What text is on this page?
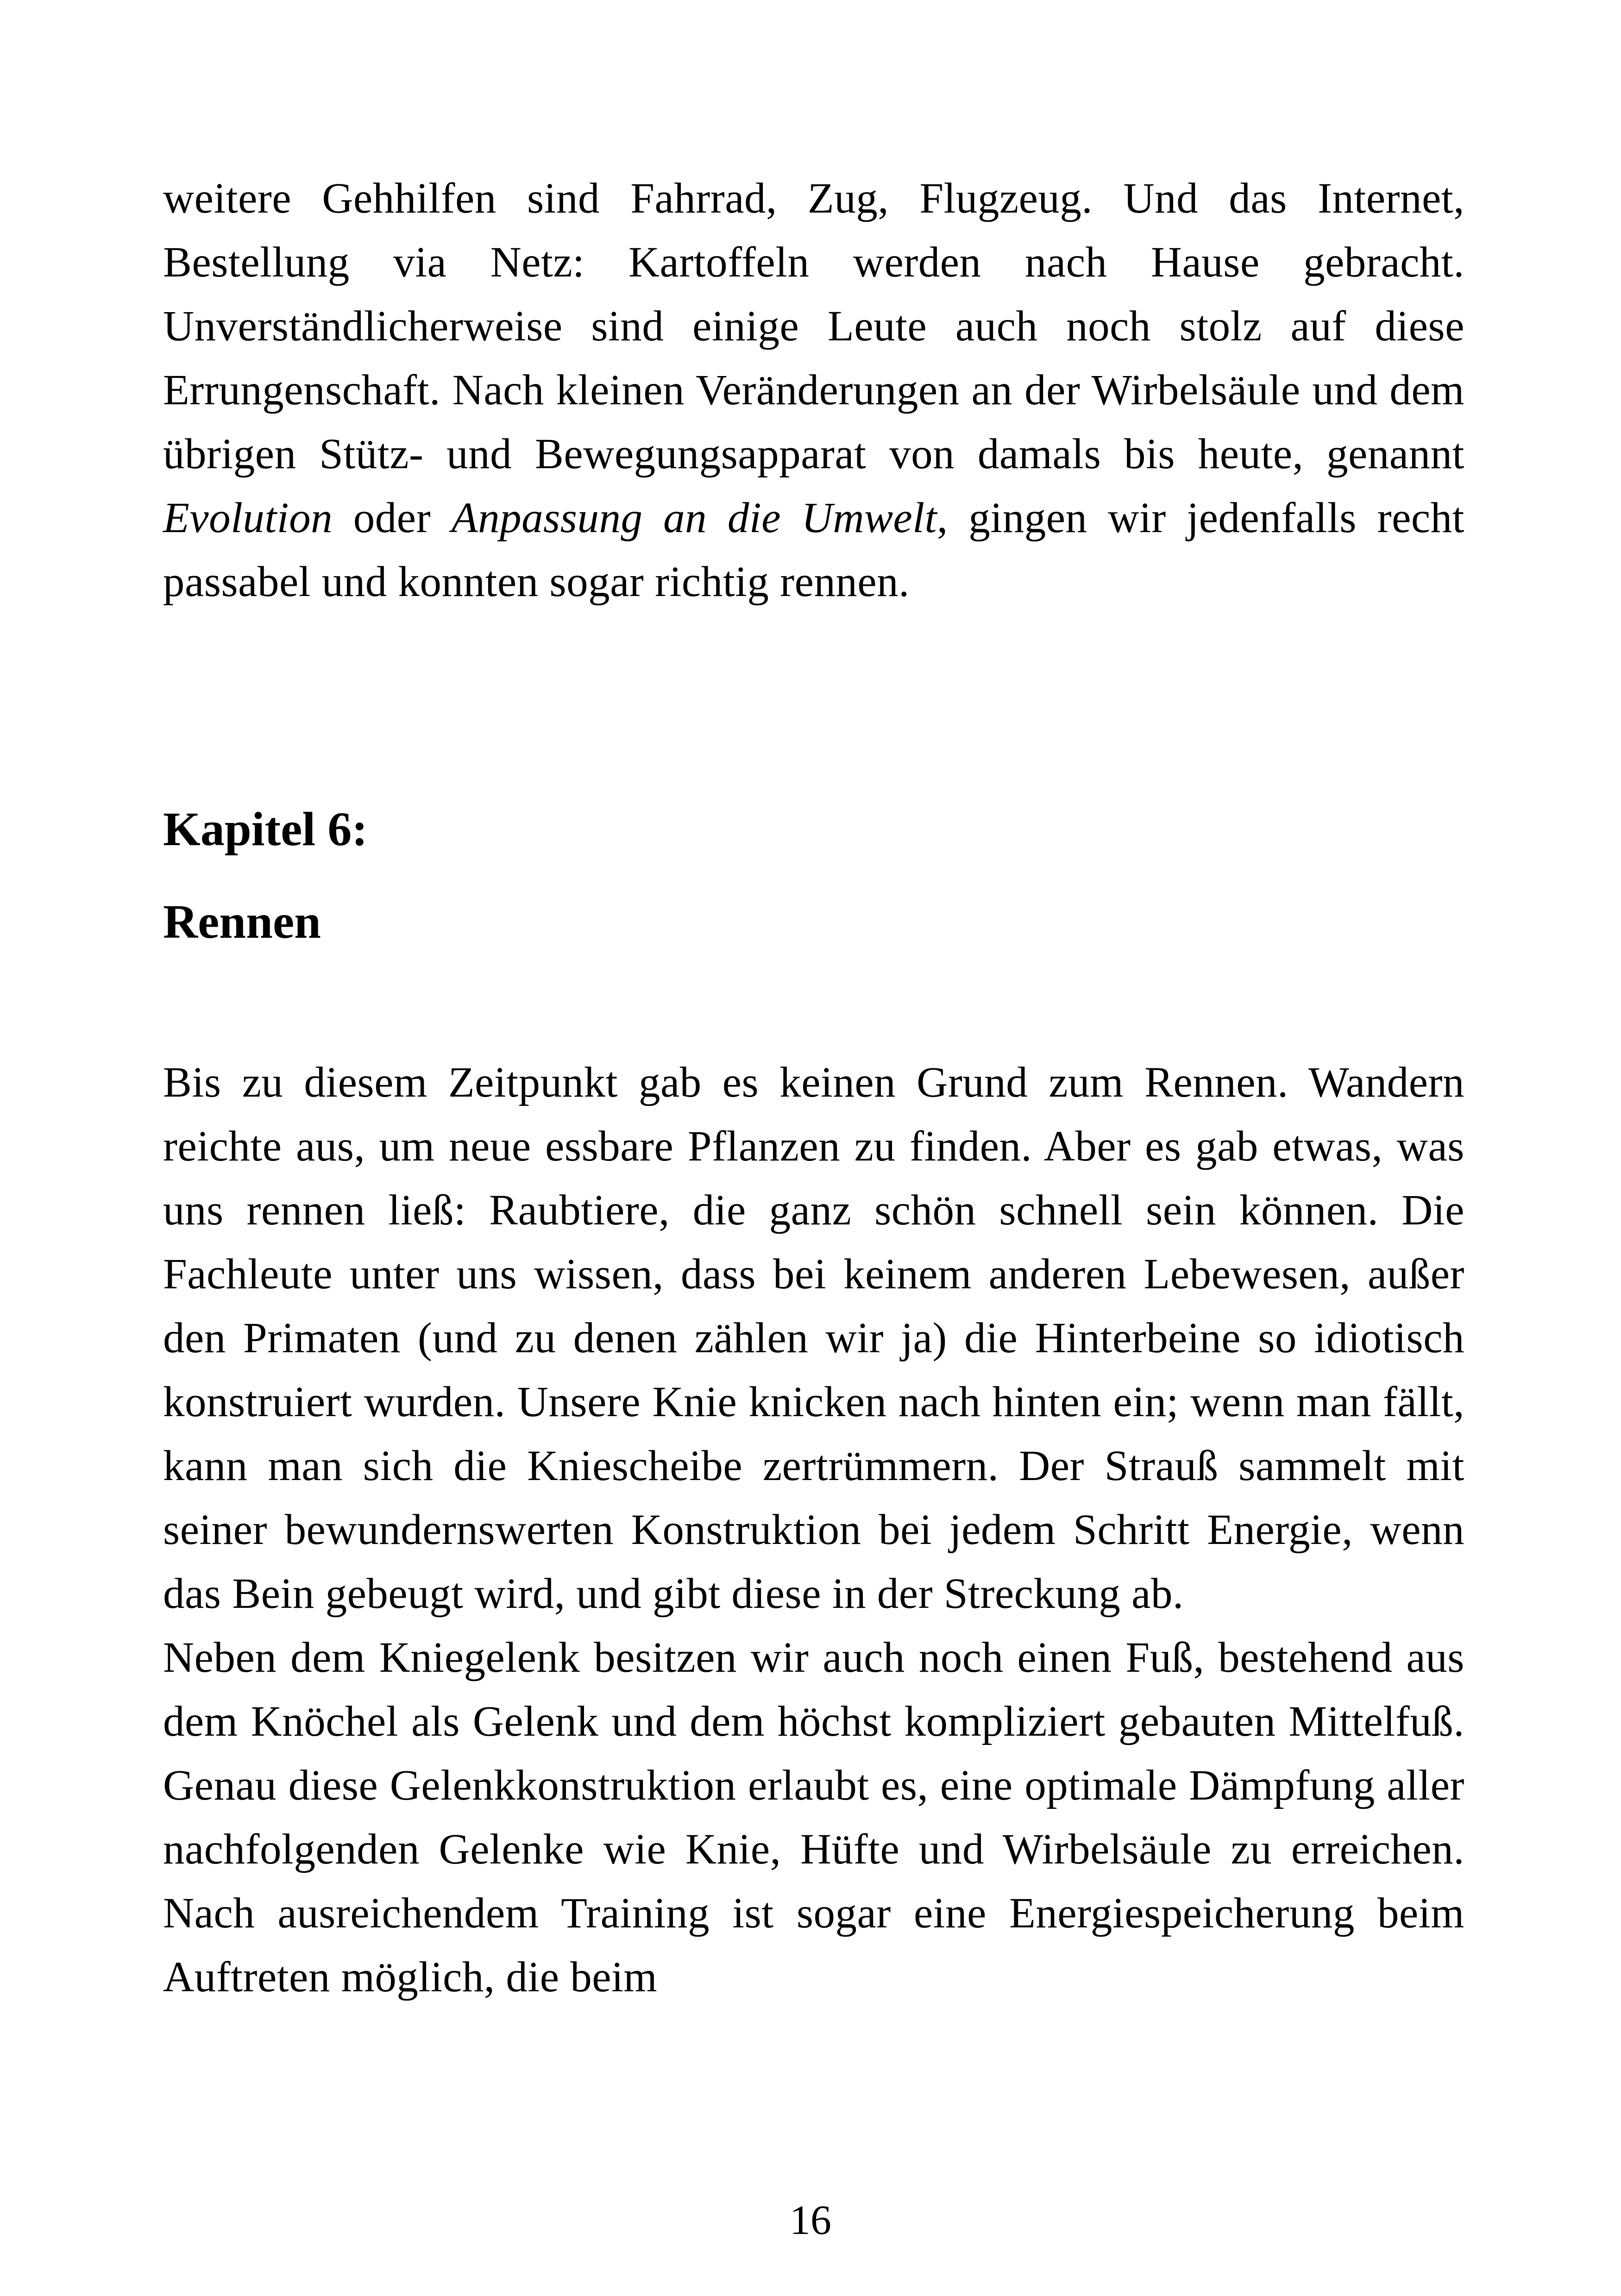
weitere Gehhilfen sind Fahrrad, Zug, Flugzeug. Und das Internet, Bestellung via Netz: Kartoffeln werden nach Hause gebracht. Unverständlicherweise sind einige Leute auch noch stolz auf diese Errungenschaft. Nach kleinen Veränderungen an der Wirbelsäule und dem übrigen Stütz- und Bewegungsapparat von damals bis heute, genannt Evolution oder Anpassung an die Umwelt, gingen wir jedenfalls recht passabel und konnten sogar richtig rennen.

Kapitel 6:
Rennen

Bis zu diesem Zeitpunkt gab es keinen Grund zum Rennen. Wandern reichte aus, um neue essbare Pflanzen zu finden. Aber es gab etwas, was uns rennen ließ: Raubtiere, die ganz schön schnell sein können. Die Fachleute unter uns wissen, dass bei keinem anderen Lebewesen, außer den Primaten (und zu denen zählen wir ja) die Hinterbeine so idiotisch konstruiert wurden. Unsere Knie knicken nach hinten ein; wenn man fällt, kann man sich die Kniescheibe zertrümmern. Der Strauß sammelt mit seiner bewundernswerten Konstruktion bei jedem Schritt Energie, wenn das Bein gebeugt wird, und gibt diese in der Streckung ab.

Neben dem Kniegelenk besitzen wir auch noch einen Fuß, bestehend aus dem Knöchel als Gelenk und dem höchst kompliziert gebauten Mittelfuß. Genau diese Gelenkkonstruktion erlaubt es, eine optimale Dämpfung aller nachfolgenden Gelenke wie Knie, Hüfte und Wirbelsäule zu erreichen. Nach ausreichendem Training ist sogar eine Energiespeicherung beim Auftreten möglich, die beim

16
